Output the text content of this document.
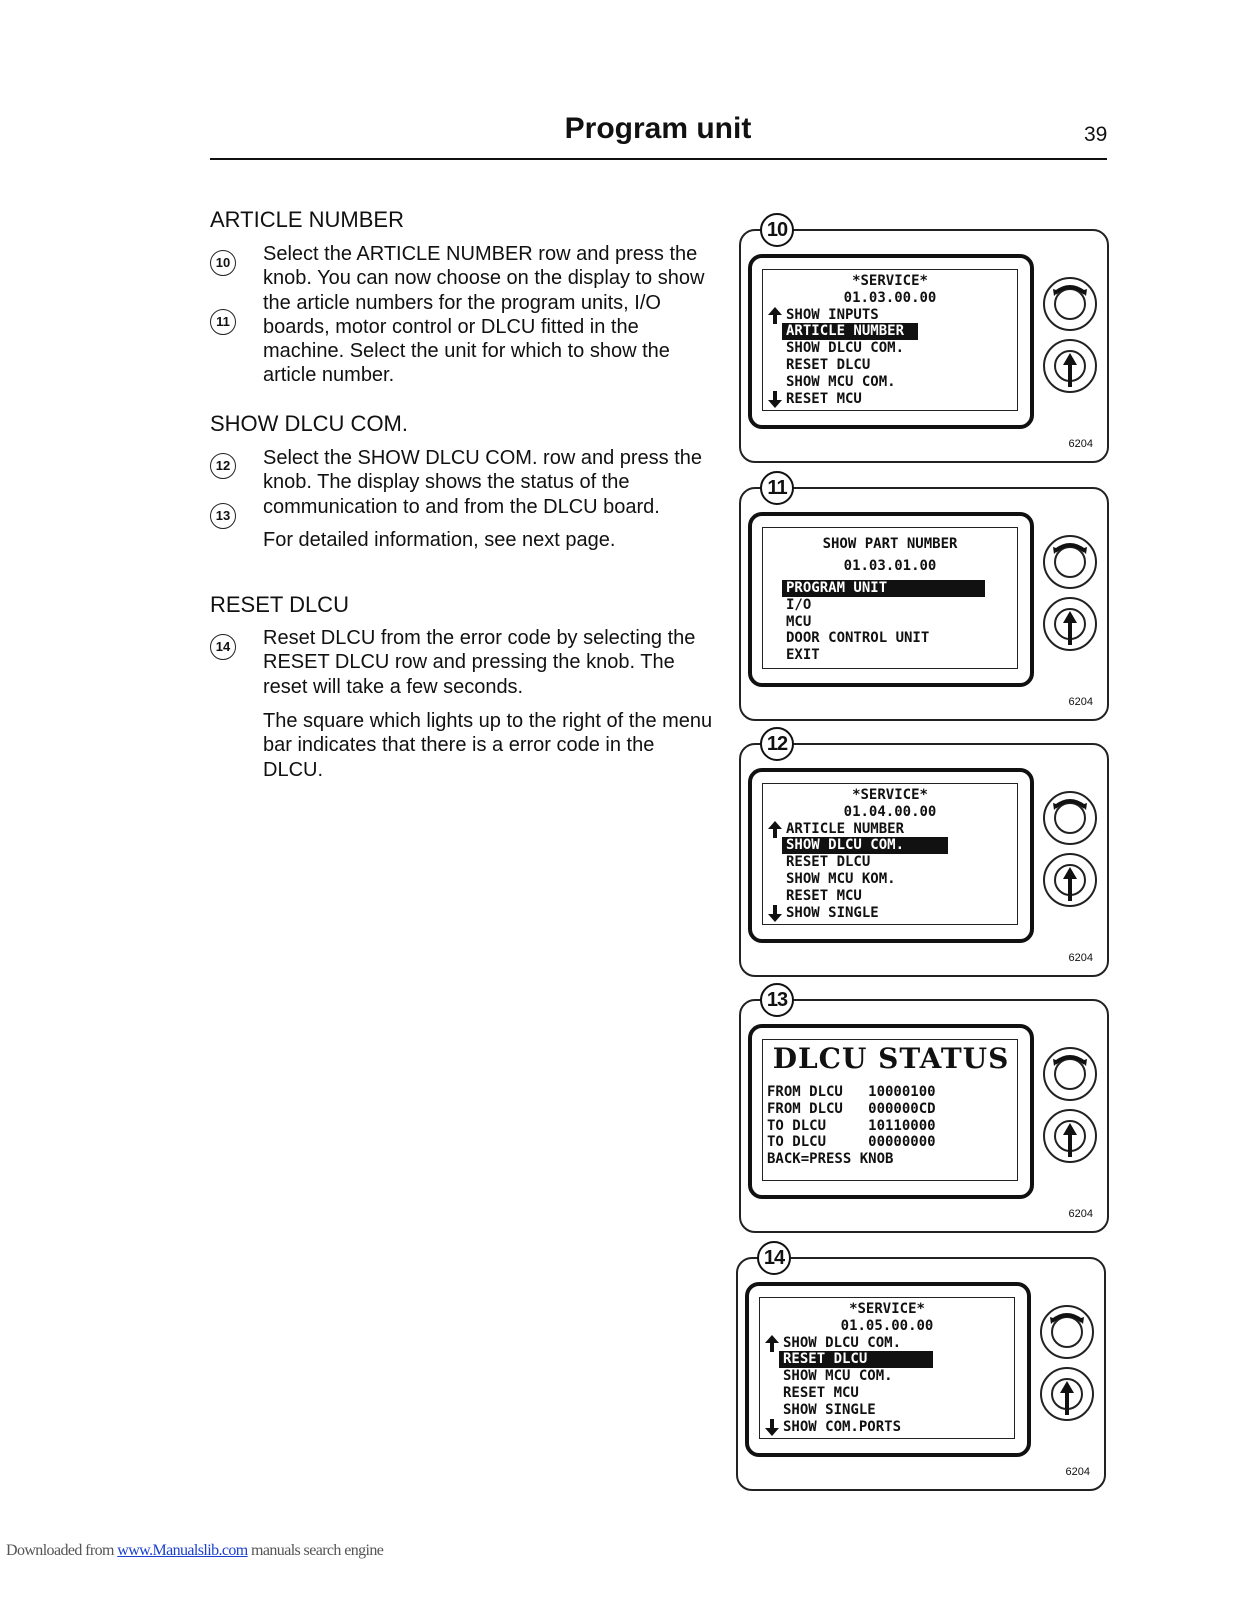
Program unit	39
ARTICLE NUMBER
10
11
Select the ARTICLE NUMBER row and press the knob. You can now choose on the display to show the article numbers for the program units, I/O boards, motor control or DLCU fitted in the machine. Select the unit for which to show the article number.
SHOW DLCU COM.
12
13
Select the SHOW DLCU COM. row and press the knob. The display shows the status of the communication to and from the DLCU board.
For detailed information, see next page.
RESET DLCU
14 Reset DLCU from the error code by selecting the RESET DLCU row and pressing the knob. The reset will take a few seconds.
The square which lights up to the right of the menu bar indicates that there is a error code in the DLCU.
10
*SERVICE*
01.03.00.00
SHOW INPUTS
ARTICLE NUMBER
SHOW DLCU COM.
RESET DLCU
SHOW MCU COM.
RESET MCU
6204
11
SHOW PART NUMBER
01.03.01.00
PROGRAM UNIT
I/O
MCU
DOOR CONTROL UNIT
EXIT
6204
12
*SERVICE*
01.04.00.00
ARTICLE NUMBER
SHOW DLCU COM.
RESET DLCU
SHOW MCU KOM.
RESET MCU
SHOW SINGLE
6204
13
DLCU STATUS
FROM DLCU   10000100
FROM DLCU   000000CD
TO DLCU     10110000
TO DLCU     00000000
BACK=PRESS KNOB
6204
14
*SERVICE*
01.05.00.00
SHOW DLCU COM.
RESET DLCU
SHOW MCU COM.
RESET MCU
SHOW SINGLE
SHOW COM.PORTS
6204
Downloaded from www.Manualslib.com manuals search engine
